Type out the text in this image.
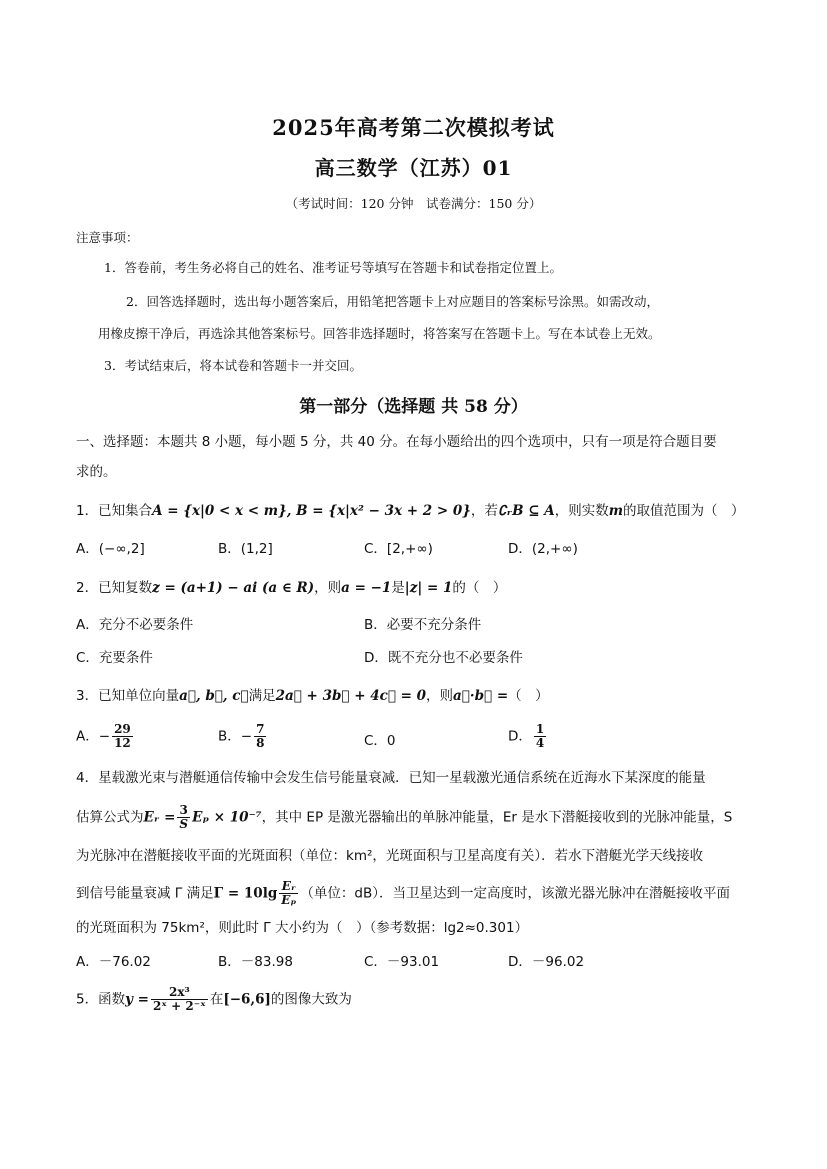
2025年高考第二次模拟考试
高三数学（江苏）01
（考试时间：120 分钟　试卷满分：150 分）
注意事项：
1．答卷前，考生务必将自己的姓名、准考证号等填写在答题卡和试卷指定位置上。
2．回答选择题时，选出每小题答案后，用铅笔把答题卡上对应题目的答案标号涂黑。如需改动，
用橡皮擦干净后，再选涂其他答案标号。回答非选择题时，将答案写在答题卡上。写在本试卷上无效。
3．考试结束后，将本试卷和答题卡一并交回。
第一部分（选择题 共 58 分）
一、选择题：本题共 8 小题，每小题 5 分，共 40 分。在每小题给出的四个选项中，只有一项是符合题目要
求的。
1．已知集合A = {x|0 < x < m}, B = {x|x² − 3x + 2 > 0}，若∁ᵣB ⊆ A，则实数m的取值范围为（　）
A．(−∞,2]	B．(1,2]	C．[2,+∞)	D．(2,+∞)
2．已知复数z = (a+1) − ai (a ∈ R)，则a = −1是|z| = 1的（　）
A．充分不必要条件	B．必要不充分条件
C．充要条件	D．既不充分也不必要条件
3．已知单位向量a⃗, b⃗, c⃗满足2a⃗ + 3b⃗ + 4c⃗ = 0，则a⃗·b⃗ =（　）
A．− $\frac{29}{12}$	B．− $\frac{7}{8}$	C．0	D． $\frac{1}{4}$
4．星载激光束与潜艇通信传输中会发生信号能量衰减．已知一星载激光通信系统在近海水下某深度的能量
估算公式为Eᵣ = $\frac{3}{S}$ Eₚ × 10⁻⁷，其中 EP 是激光器输出的单脉冲能量，Er 是水下潜艇接收到的光脉冲能量，S
为光脉冲在潜艇接收平面的光斑面积（单位：km²，光斑面积与卫星高度有关）．若水下潜艇光学天线接收
到信号能量衰减 Γ 满足$\Gamma = 10\lg \frac{\text{Eᵣ}}{\text{Eₚ}}$ （单位：dB）．当卫星达到一定高度时，该激光器光脉冲在潜艇接收平面
的光斑面积为 75km²，则此时 Γ 大小约为（　）（参考数据：lg2≈0.301）
A．－76.02	B．－83.98	C．－93.01	D．－96.02
5．函数$y = \frac{\text{2x³}}{\text{2ˣ + 2⁻ˣ}}$ 在[−6,6]的图像大致为
